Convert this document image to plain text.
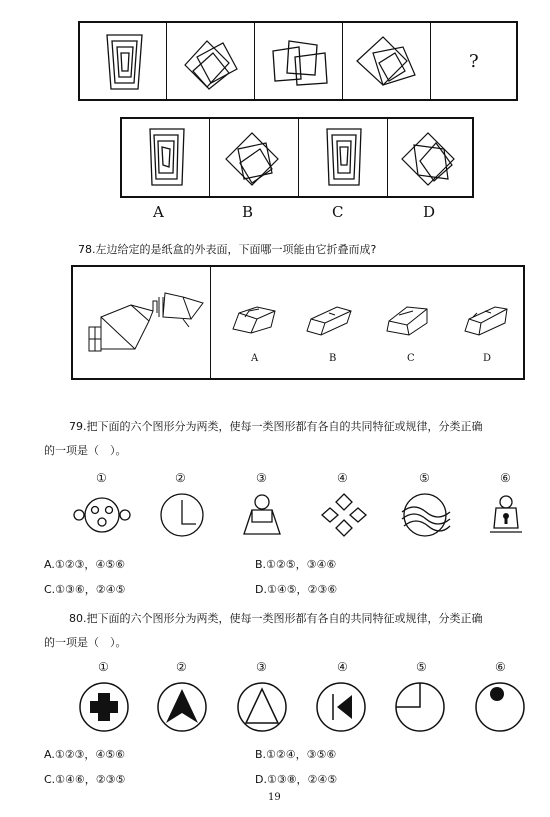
?
A	B	C	D
78.左边给定的是纸盒的外表面，下面哪一项能由它折叠而成?
A	B	C	D
79.把下面的六个图形分为两类，使每一类图形都有各自的共同特征或规律，分类正确
的一项是（　）。
①	②	③	④	⑤	⑥
A.①②③，④⑤⑥	B.①②⑤，③④⑥
C.①③⑥，②④⑤	D.①④⑤，②③⑥
80.把下面的六个图形分为两类，使每一类图形都有各自的共同特征或规律，分类正确
的一项是（　）。
①	②	③	④	⑤	⑥
A.①②③，④⑤⑥	B.①②④，③⑤⑥
C.①④⑥，②③⑤	D.①③⑧，②④⑤
19
